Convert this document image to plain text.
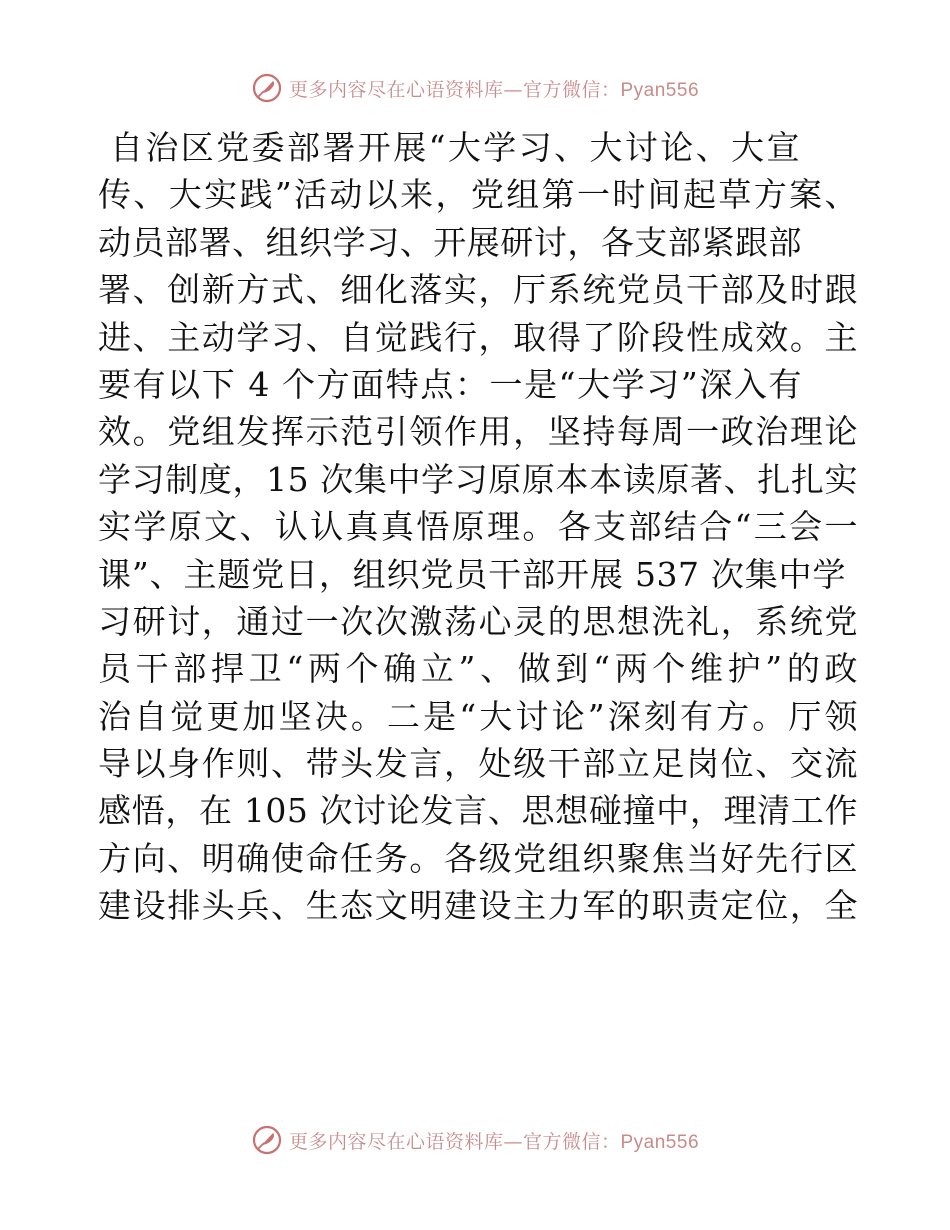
更多内容尽在心语资料库—官方微信：Pyan556
自治区党委部署开展“大学习、大讨论、大宣
传、大实践”活动以来，党组第一时间起草方案、
动员部署、组织学习、开展研讨，各支部紧跟部
署、创新方式、细化落实，厅系统党员干部及时跟
进、主动学习、自觉践行，取得了阶段性成效。主
要有以下 4 个方面特点：一是“大学习”深入有
效。党组发挥示范引领作用，坚持每周一政治理论
学习制度，15 次集中学习原原本本读原著、扎扎实
实学原文、认认真真悟原理。各支部结合“三会一
课”、主题党日，组织党员干部开展 537 次集中学
习研讨，通过一次次激荡心灵的思想洗礼，系统党
员干部捍卫“两个确立”、做到“两个维护”的政
治自觉更加坚决。二是“大讨论”深刻有方。厅领
导以身作则、带头发言，处级干部立足岗位、交流
感悟，在 105 次讨论发言、思想碰撞中，理清工作
方向、明确使命任务。各级党组织聚焦当好先行区
建设排头兵、生态文明建设主力军的职责定位，全
更多内容尽在心语资料库—官方微信：Pyan556
